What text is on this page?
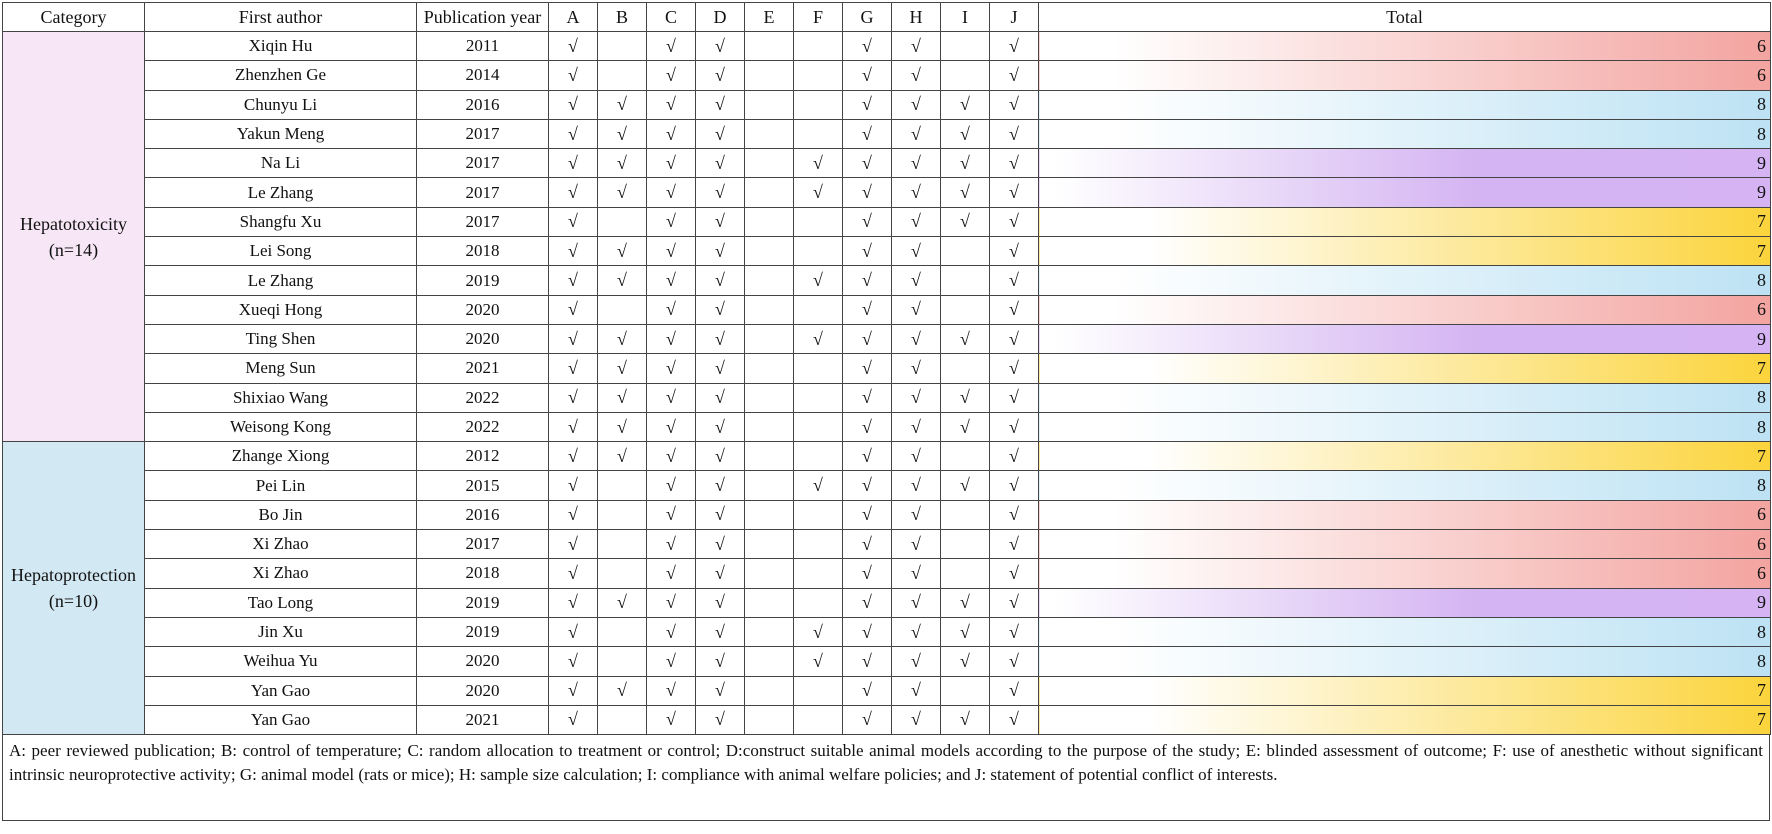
Category	First author	Publication year	A	B	C	D	E	F	G	H	I	J	Total

Hepatotoxicity
(n=14)	Xiqin Hu	2011	√		√	√			√	√		√	6
	Zhenzhen Ge	2014	√		√	√			√	√		√	6
	Chunyu Li	2016	√	√	√	√			√	√	√	√	8
	Yakun Meng	2017	√	√	√	√			√	√	√	√	8
	Na Li	2017	√	√	√	√		√	√	√	√	√	9
	Le Zhang	2017	√	√	√	√		√	√	√	√	√	9
	Shangfu Xu	2017	√		√	√			√	√	√	√	7
	Lei Song	2018	√	√	√	√			√	√		√	7
	Le Zhang	2019	√	√	√	√		√	√	√		√	8
	Xueqi Hong	2020	√		√	√			√	√		√	6
	Ting Shen	2020	√	√	√	√		√	√	√	√	√	9
	Meng Sun	2021	√	√	√	√			√	√		√	7
	Shixiao Wang	2022	√	√	√	√			√	√	√	√	8
	Weisong Kong	2022	√	√	√	√			√	√	√	√	8

Hepatoprotection
(n=10)	Zhange Xiong	2012	√	√	√	√			√	√		√	7
	Pei Lin	2015	√		√	√		√	√	√	√	√	8
	Bo Jin	2016	√		√	√			√	√		√	6
	Xi Zhao	2017	√		√	√			√	√		√	6
	Xi Zhao	2018	√		√	√			√	√		√	6
	Tao Long	2019	√	√	√	√			√	√	√	√	9
	Jin Xu	2019	√		√	√		√	√	√	√	√	8
	Weihua Yu	2020	√		√	√		√	√	√	√	√	8
	Yan Gao	2020	√	√	√	√			√	√		√	7
	Yan Gao	2021	√		√	√			√	√	√	√	7
A: peer reviewed publication; B: control of temperature; C: random allocation to treatment or control; D:construct suitable animal models according to the purpose of the study; E: blinded assessment of outcome; F: use of anesthetic without significant intrinsic neuroprotective activity; G: animal model (rats or mice); H: sample size calculation; I: compliance with animal welfare policies; and J: statement of potential conflict of interests.
